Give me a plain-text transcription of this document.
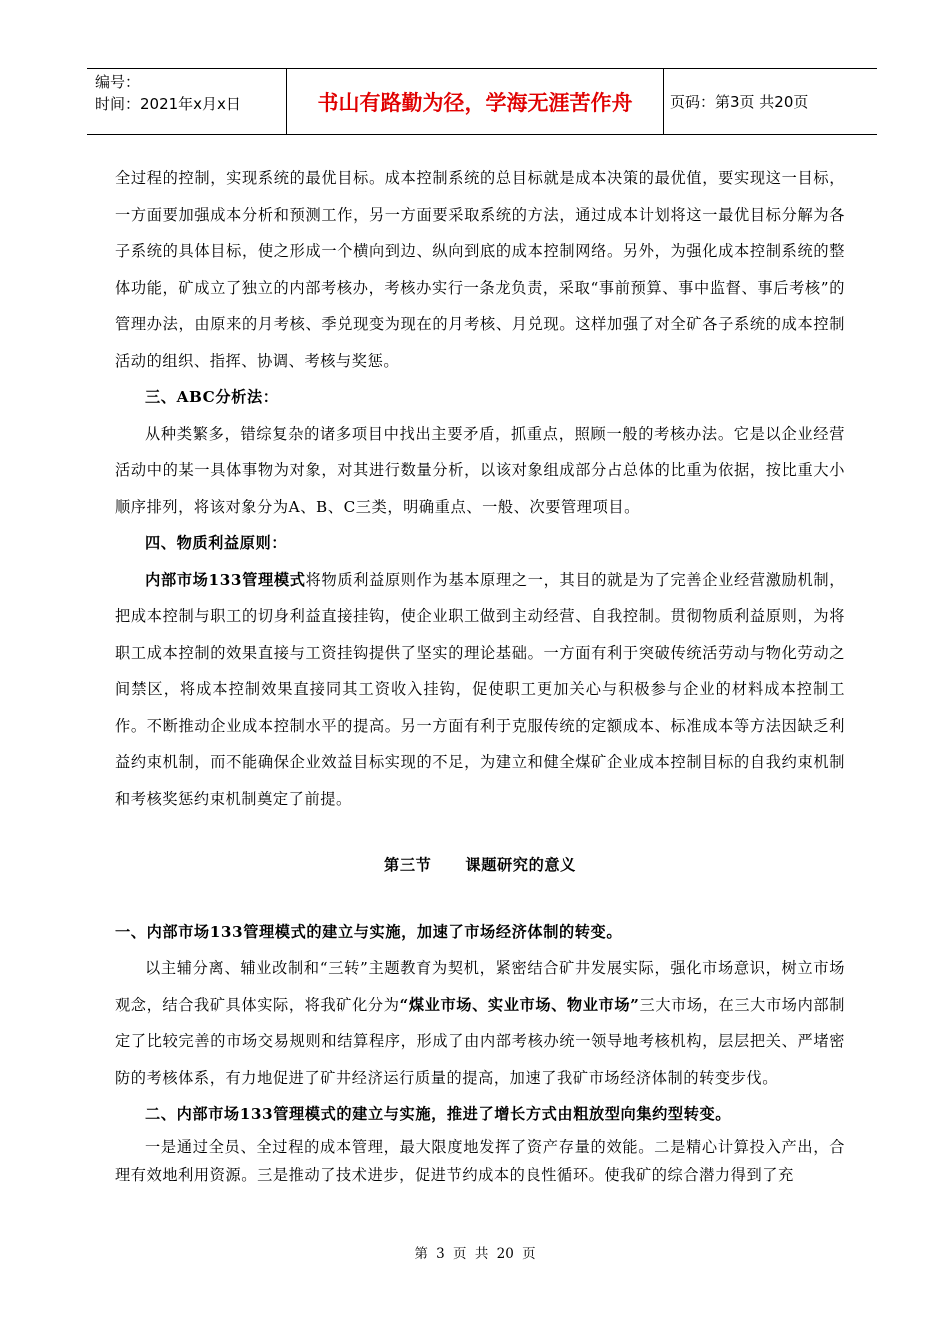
编号：
时间：2021年x月x日	书山有路勤为径，学海无涯苦作舟	页码：第3页 共20页

全过程的控制，实现系统的最优目标。成本控制系统的总目标就是成本决策的最优值，要实现这一目标，一方面要加强成本分析和预测工作，另一方面要采取系统的方法，通过成本计划将这一最优目标分解为各子系统的具体目标，使之形成一个横向到边、纵向到底的成本控制网络。另外，为强化成本控制系统的整体功能，矿成立了独立的内部考核办，考核办实行一条龙负责，采取“事前预算、事中监督、事后考核”的管理办法，由原来的月考核、季兑现变为现在的月考核、月兑现。这样加强了对全矿各子系统的成本控制活动的组织、指挥、协调、考核与奖惩。

三、ABC分析法：

从种类繁多，错综复杂的诸多项目中找出主要矛盾，抓重点，照顾一般的考核办法。它是以企业经营活动中的某一具体事物为对象，对其进行数量分析，以该对象组成部分占总体的比重为依据，按比重大小顺序排列，将该对象分为A、B、C三类，明确重点、一般、次要管理项目。

四、物质利益原则：

内部市场133管理模式将物质利益原则作为基本原理之一，其目的就是为了完善企业经营激励机制，把成本控制与职工的切身利益直接挂钩，使企业职工做到主动经营、自我控制。贯彻物质利益原则，为将职工成本控制的效果直接与工资挂钩提供了坚实的理论基础。一方面有利于突破传统活劳动与物化劳动之间禁区，将成本控制效果直接同其工资收入挂钩，促使职工更加关心与积极参与企业的材料成本控制工作。不断推动企业成本控制水平的提高。另一方面有利于克服传统的定额成本、标准成本等方法因缺乏利益约束机制，而不能确保企业效益目标实现的不足，为建立和健全煤矿企业成本控制目标的自我约束机制和考核奖惩约束机制奠定了前提。

第三节 课题研究的意义

一、内部市场133管理模式的建立与实施，加速了市场经济体制的转变。

以主辅分离、辅业改制和“三转”主题教育为契机，紧密结合矿井发展实际，强化市场意识，树立市场观念，结合我矿具体实际，将我矿化分为“煤业市场、实业市场、物业市场”三大市场，在三大市场内部制定了比较完善的市场交易规则和结算程序，形成了由内部考核办统一领导地考核机构，层层把关、严堵密防的考核体系，有力地促进了矿井经济运行质量的提高，加速了我矿市场经济体制的转变步伐。

二、内部市场133管理模式的建立与实施，推进了增长方式由粗放型向集约型转变。

一是通过全员、全过程的成本管理，最大限度地发挥了资产存量的效能。二是精心计算投入产出，合理有效地利用资源。三是推动了技术进步，促进节约成本的良性循环。使我矿的综合潜力得到了充

第 3 页 共 20 页
